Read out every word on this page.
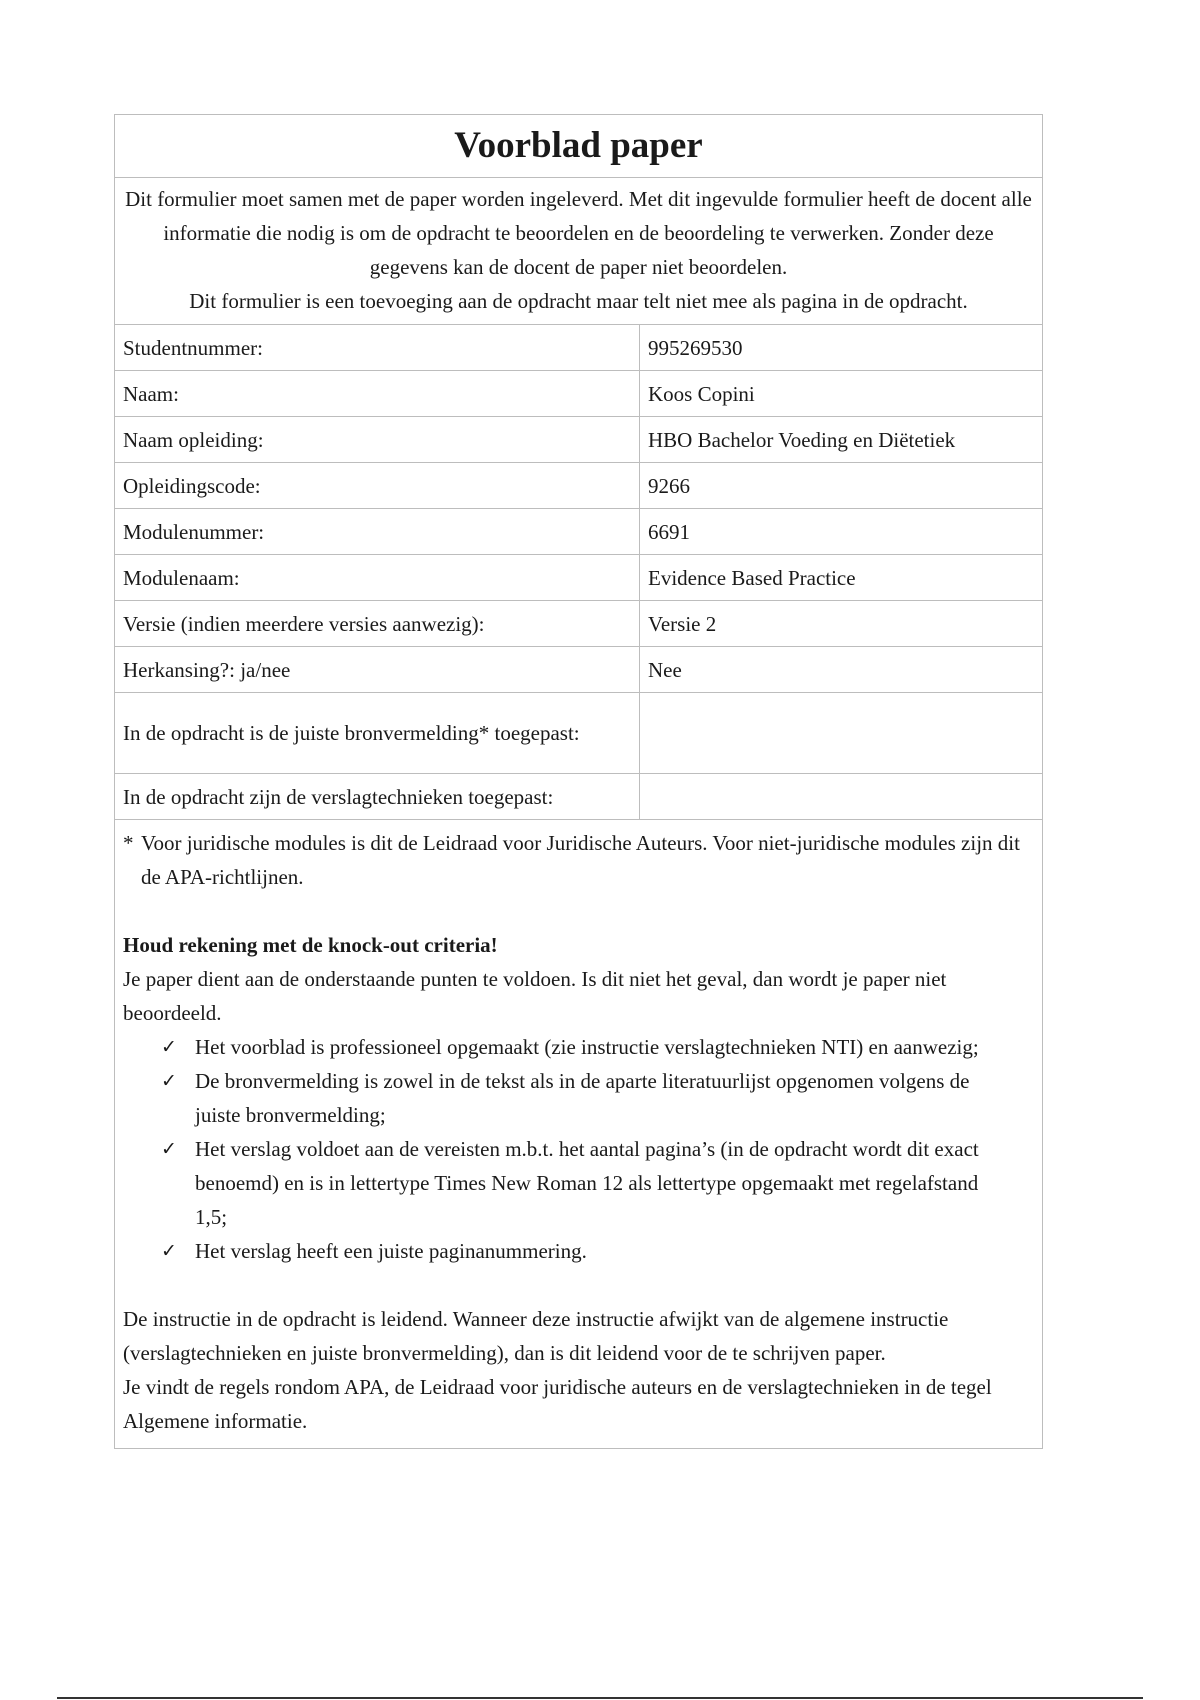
Voorblad paper

Dit formulier moet samen met de paper worden ingeleverd. Met dit ingevulde formulier heeft de docent alle informatie die nodig is om de opdracht te beoordelen en de beoordeling te verwerken. Zonder deze gegevens kan de docent de paper niet beoordelen.

Dit formulier is een toevoeging aan de opdracht maar telt niet mee als pagina in de opdracht.

Studentnummer:	995269530
Naam:	Koos Copini
Naam opleiding:	HBO Bachelor Voeding en Diëtetiek
Opleidingscode:	9266
Modulenummer:	6691
Modulenaam:	Evidence Based Practice
Versie (indien meerdere versies aanwezig):	Versie 2
Herkansing?: ja/nee	Nee
In de opdracht is de juiste bronvermelding* toegepast:	
In de opdracht zijn de verslagtechnieken toegepast:	
* Voor juridische modules is dit de Leidraad voor Juridische Auteurs. Voor niet-juridische modules zijn dit de APA-richtlijnen.
Houd rekening met de knock-out criteria!

Je paper dient aan de onderstaande punten te voldoen. Is dit niet het geval, dan wordt je paper niet beoordeeld.

✓ Het voorblad is professioneel opgemaakt (zie instructie verslagtechnieken NTI) en aanwezig;
✓ De bronvermelding is zowel in de tekst als in de aparte literatuurlijst opgenomen volgens de juiste bronvermelding;
✓ Het verslag voldoet aan de vereisten m.b.t. het aantal pagina’s (in de opdracht wordt dit exact benoemd) en is in lettertype Times New Roman 12 als lettertype opgemaakt met regelafstand 1,5;
✓ Het verslag heeft een juiste paginanummering.

De instructie in de opdracht is leidend. Wanneer deze instructie afwijkt van de algemene instructie (verslagtechnieken en juiste bronvermelding), dan is dit leidend voor de te schrijven paper.

Je vindt de regels rondom APA, de Leidraad voor juridische auteurs en de verslagtechnieken in de tegel Algemene informatie.
